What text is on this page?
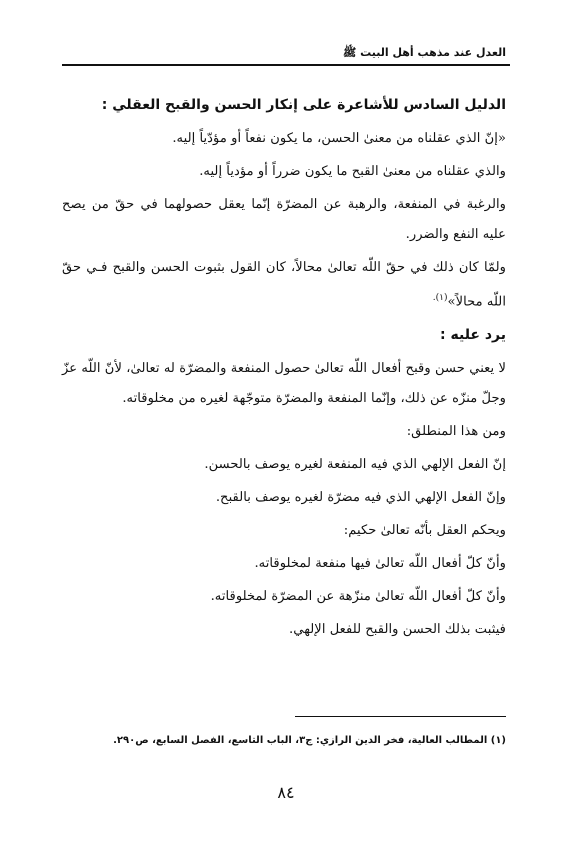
العدل عند مذهب أهل البيت ﷺ

الدليل السادس للأشاعرة على إنكار الحسن والقبح العقلي :

«إنّ الذي عقلناه من معنىٰ الحسن، ما يكون نفعاً أو مؤدّياً إليه.

والذي عقلناه من معنىٰ القبح ما يكون ضرراً أو مؤدياً إليه.

والرغبة في المنفعة، والرهبة عن المضرّة إنّما يعقل حصولهما في حقّ من يصح عليه النفع والضرر.

ولمّا كان ذلك في حقّ اللّه تعالىٰ محالاً، كان القول بثبوت الحسن والقبح فـي حقّ اللّه محالاً»$^{(١).}$

يرد عليه :

لا يعني حسن وقبح أفعال اللّه تعالىٰ حصول المنفعة والمضرّة له تعالىٰ، لأنّ اللّه عزّ وجلّ منزّه عن ذلك، وإنّما المنفعة والمضرّة متوجّهة لغيره من مخلوقاته.

ومن هذا المنطلق:

إنّ الفعل الإلهي الذي فيه المنفعة لغيره يوصف بالحسن.

وإنّ الفعل الإلهي الذي فيه مضرّة لغيره يوصف بالقبح.

ويحكم العقل بأنّه تعالىٰ حكيم:

وأنّ كلّ أفعال اللّه تعالىٰ فيها منفعة لمخلوقاته.

وأنّ كلّ أفعال اللّه تعالىٰ منزّهة عن المضرّة لمخلوقاته.

فيثبت بذلك الحسن والقبح للفعل الإلهي.

(١) المطالب العالية، فخر الدين الرازي: ج٣، الباب التاسع، الفصل السابع، ص٢٩٠.
٨٤
